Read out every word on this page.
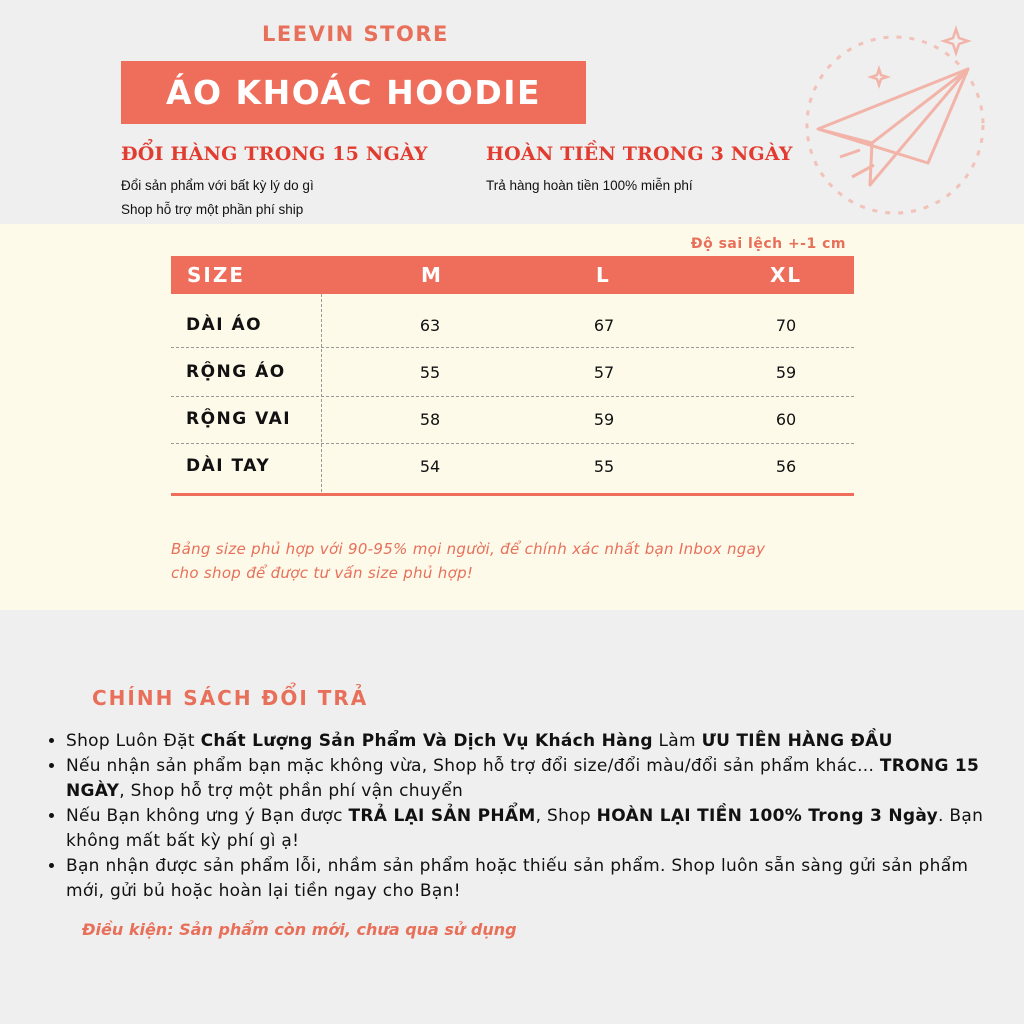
LEEVIN STORE
ÁO KHOÁC HOODIE
ĐỔI HÀNG TRONG 15 NGÀY
Đổi sản phẩm với bất kỳ lý do gì
Shop hỗ trợ một phần phí ship
HOÀN TIỀN TRONG 3 NGÀY
Trả hàng hoàn tiền 100% miễn phí
Độ sai lệch +-1 cm
SIZE	M	L	XL
DÀI ÁO	63	67	70
RỘNG ÁO	55	57	59
RỘNG VAI	58	59	60
DÀI TAY	54	55	56
Bảng size phủ hợp với 90-95% mọi người, để chính xác nhất bạn Inbox ngay
cho shop để được tư vấn size phủ hợp!
CHÍNH SÁCH ĐỔI TRẢ
• Shop Luôn Đặt Chất Lượng Sản Phẩm Và Dịch Vụ Khách Hàng Làm ƯU TIÊN HÀNG ĐẦU
• Nếu nhận sản phẩm bạn mặc không vừa, Shop hỗ trợ đổi size/đổi màu/đổi sản phẩm khác... TRONG 15 NGÀY, Shop hỗ trợ một phần phí vận chuyển
• Nếu Bạn không ưng ý Bạn được TRẢ LẠI SẢN PHẨM, Shop HOÀN LẠI TIỀN 100% Trong 3 Ngày. Bạn không mất bất kỳ phí gì ạ!
• Bạn nhận được sản phẩm lỗi, nhầm sản phẩm hoặc thiếu sản phẩm. Shop luôn sẵn sàng gửi sản phẩm mới, gửi bủ hoặc hoàn lại tiền ngay cho Bạn!
Điều kiện: Sản phẩm còn mới, chưa qua sử dụng
